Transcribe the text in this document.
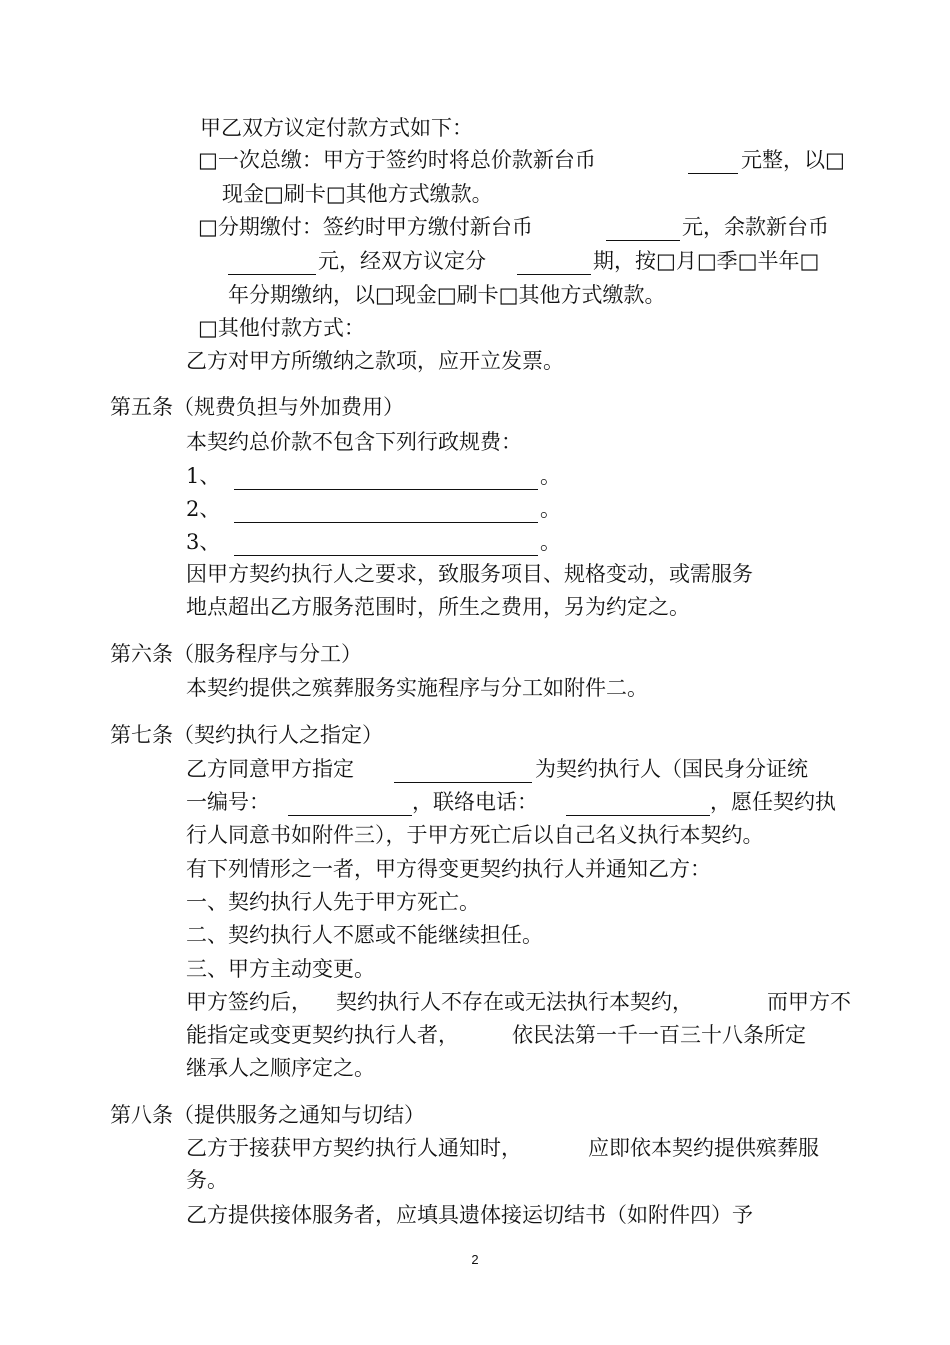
甲乙双方议定付款方式如下：
□一次总缴：甲方于签约时将总价款新台币	元整，以□
现金□刷卡□其他方式缴款。
□分期缴付：签约时甲方缴付新台币	元，余款新台币
元，经双方议定分	期，按□月□季□半年□
年分期缴纳，以□现金□刷卡□其他方式缴款。
□其他付款方式：
乙方对甲方所缴纳之款项，应开立发票。
第五条（规费负担与外加费用）
本契约总价款不包含下列行政规费：
1、	。
2、	。
3、	。
因甲方契约执行人之要求，致服务项目、规格变动，或需服务
地点超出乙方服务范围时，所生之费用，另为约定之。
第六条（服务程序与分工）
本契约提供之殡葬服务实施程序与分工如附件二。
第七条（契约执行人之指定）
乙方同意甲方指定	为契约执行人（国民身分证统
一编号：	，联络电话：	，愿任契约执
行人同意书如附件三），于甲方死亡后以自己名义执行本契约。
有下列情形之一者，甲方得变更契约执行人并通知乙方：
一、契约执行人先于甲方死亡。
二、契约执行人不愿或不能继续担任。
三、甲方主动变更。
甲方签约后， 契约执行人不存在或无法执行本契约，	而甲方不
能指定或变更契约执行人者，	依民法第一千一百三十八条所定
继承人之顺序定之。
第八条（提供服务之通知与切结）
乙方于接获甲方契约执行人通知时，	应即依本契约提供殡葬服
务。
乙方提供接体服务者，应填具遗体接运切结书（如附件四）予
2
